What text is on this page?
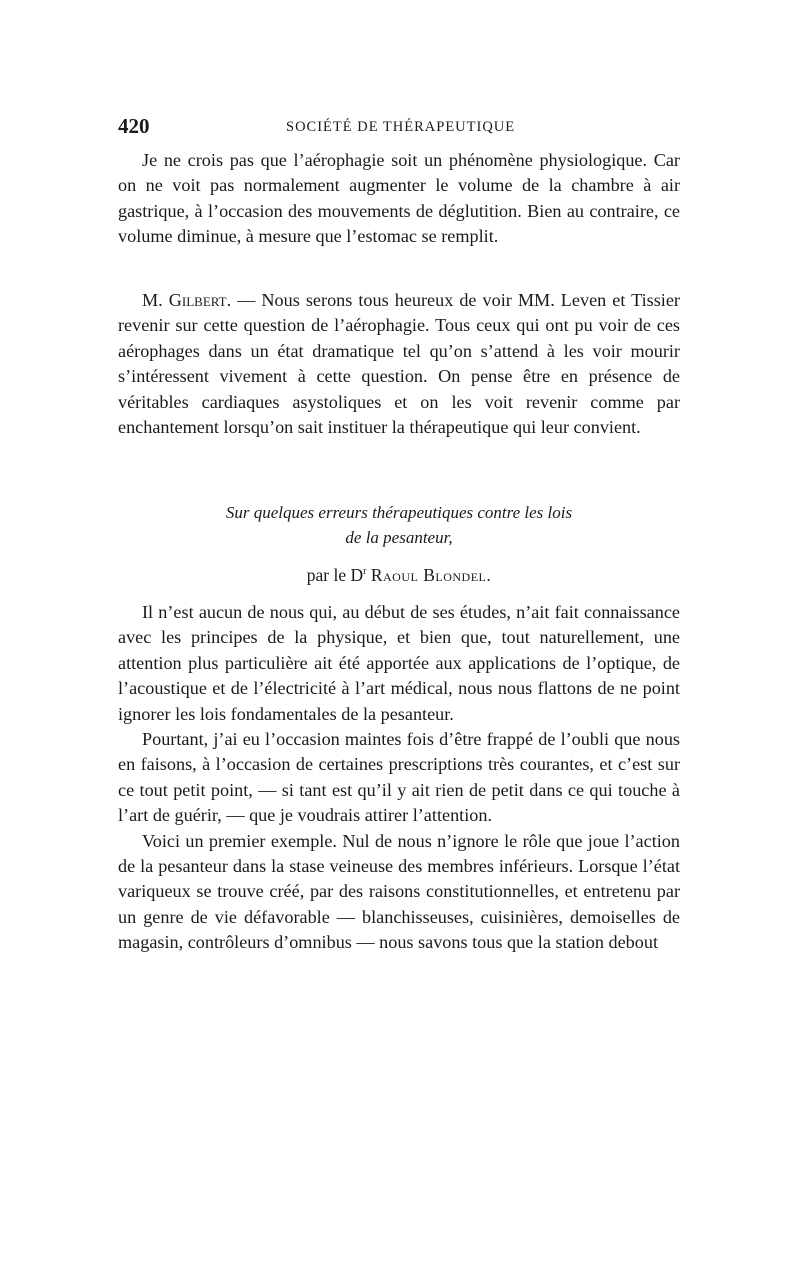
420	SOCIÉTÉ DE THÉRAPEUTIQUE

Je ne crois pas que l’aérophagie soit un phénomène physiologique. Car on ne voit pas normalement augmenter le volume de la chambre à air gastrique, à l’occasion des mouvements de déglutition. Bien au contraire, ce volume diminue, à mesure que l’estomac se remplit.

M. Gilbert. — Nous serons tous heureux de voir MM. Leven et Tissier revenir sur cette question de l’aérophagie. Tous ceux qui ont pu voir de ces aérophages dans un état dramatique tel qu’on s’attend à les voir mourir s’intéressent vivement à cette question. On pense être en présence de véritables cardiaques asystoliques et on les voit revenir comme par enchantement lorsqu’on sait instituer la thérapeutique qui leur convient.

Sur quelques erreurs thérapeutiques contre les lois
de la pesanteur,
par le $D^r$ Raoul Blondel.

Il n’est aucun de nous qui, au début de ses études, n’ait fait connaissance avec les principes de la physique, et bien que, tout naturellement, une attention plus particulière ait été apportée aux applications de l’optique, de l’acoustique et de l’électricité à l’art médical, nous nous flattons de ne point ignorer les lois fondamentales de la pesanteur.

Pourtant, j’ai eu l’occasion maintes fois d’être frappé de l’oubli que nous en faisons, à l’occasion de certaines prescriptions très courantes, et c’est sur ce tout petit point, — si tant est qu’il y ait rien de petit dans ce qui touche à l’art de guérir, — que je voudrais attirer l’attention.

Voici un premier exemple. Nul de nous n’ignore le rôle que joue l’action de la pesanteur dans la stase veineuse des membres inférieurs. Lorsque l’état variqueux se trouve créé, par des raisons constitutionnelles, et entretenu par un genre de vie défavorable — blanchisseuses, cuisinières, demoiselles de magasin, contrôleurs d’omnibus — nous savons tous que la station debout
